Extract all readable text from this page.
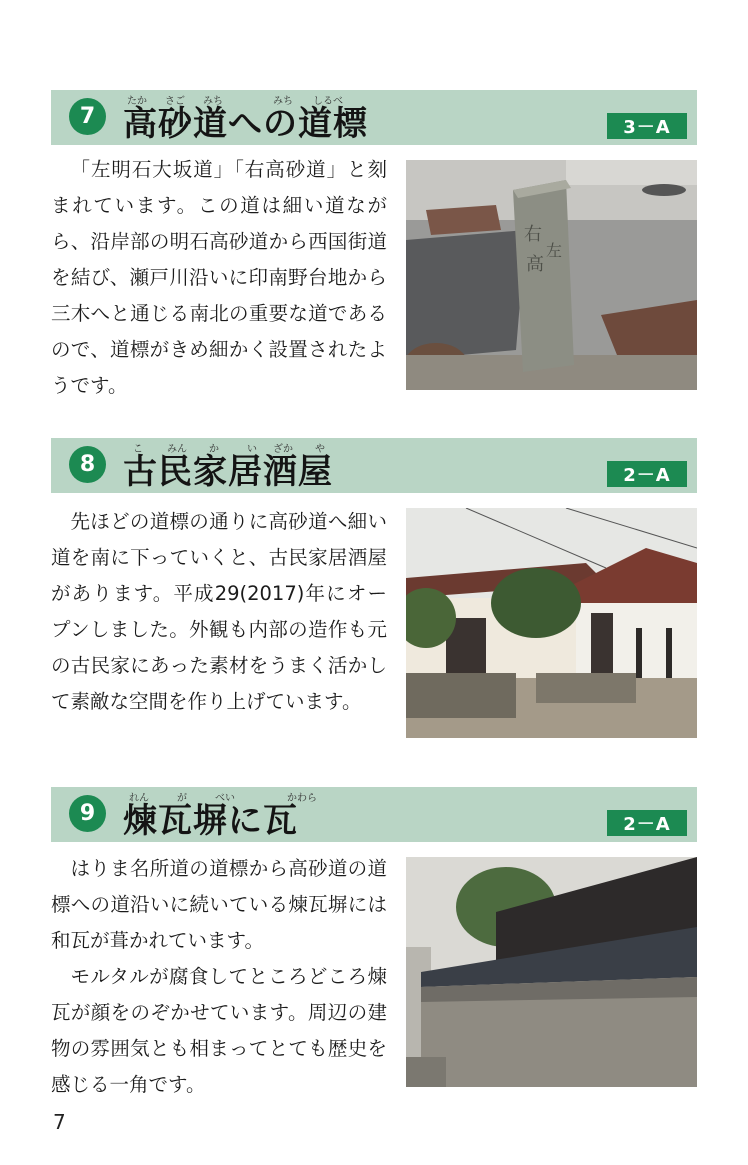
7
たか さご みち	みち しるべ
高砂道への道標	3－A

「左明石大坂道」「右高砂道」と刻まれています。この道は細い道ながら、沿岸部の明石高砂道から西国街道を結び、瀬戸川沿いに印南野台地から三木へと通じる南北の重要な道であるので、道標がきめ細かく設置されたようです。

右
高
左
8
こ みん か	い ざか や
古民家居酒屋	2－A

先ほどの道標の通りに高砂道へ細い道を南に下っていくと、古民家居酒屋があります。平成29(2017)年にオープンしました。外観も内部の造作も元の古民家にあった素材をうまく活かして素敵な空間を作り上げています。

9
れん	が	べい	かわら
煉瓦塀に瓦	2－A

はりま名所道の道標から高砂道の道標への道沿いに続いている煉瓦塀には和瓦が葺かれています。

モルタルが腐食してところどころ煉瓦が顔をのぞかせています。周辺の建物の雰囲気とも相まってとても歴史を感じる一角です。

7
